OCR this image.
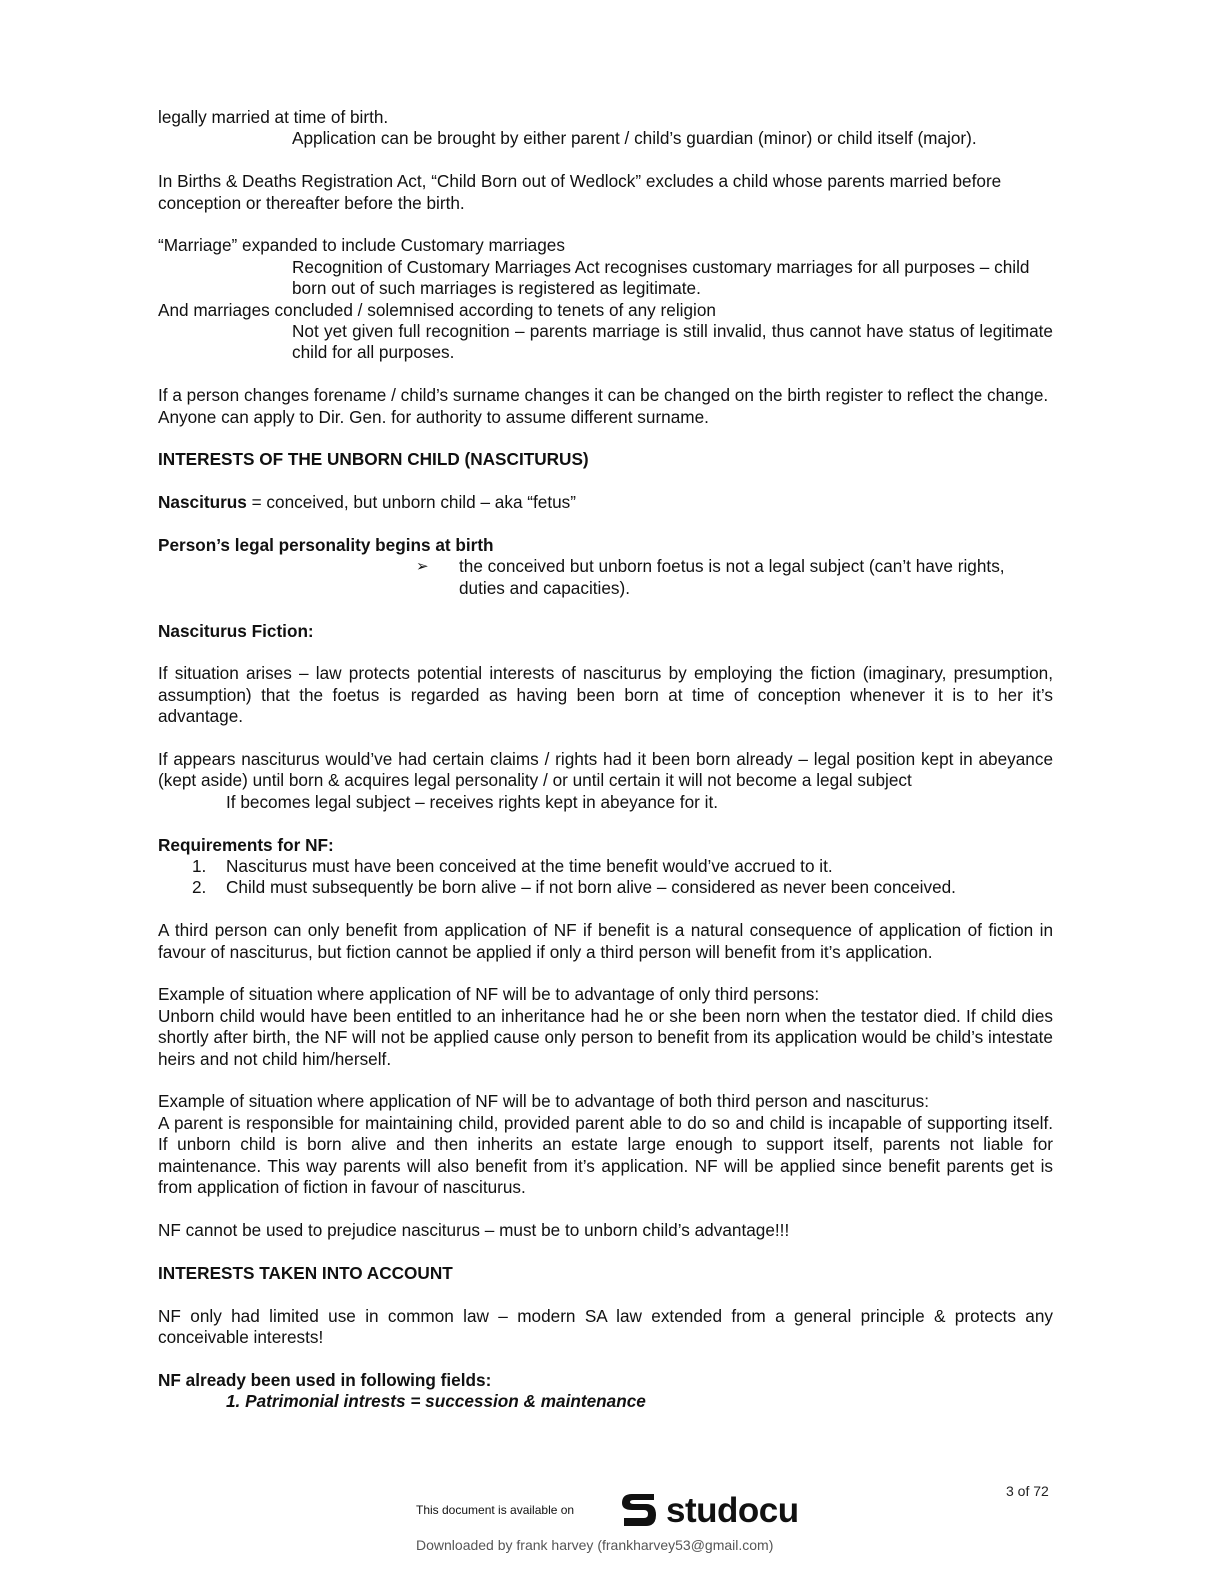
legally married at time of birth.

Application can be brought by either parent / child’s guardian (minor) or child itself (major).

In Births & Deaths Registration Act, “Child Born out of Wedlock” excludes a child whose parents married before conception or thereafter before the birth.

“Marriage” expanded to include Customary marriages

Recognition of Customary Marriages Act recognises customary marriages for all purposes – child born out of such marriages is registered as legitimate.

And marriages concluded / solemnised according to tenets of any religion

Not yet given full recognition – parents marriage is still invalid, thus cannot have status of legitimate child for all purposes.

If a person changes forename / child’s surname changes it can be changed on the birth register to reflect the change. Anyone can apply to Dir. Gen. for authority to assume different surname.

INTERESTS OF THE UNBORN CHILD (NASCITURUS)

Nasciturus = conceived, but unborn child – aka “fetus”

Person’s legal personality begins at birth

➢ the conceived but unborn foetus is not a legal subject (can’t have rights, duties and capacities).

Nasciturus Fiction:

If situation arises – law protects potential interests of nasciturus by employing the fiction (imaginary, presumption, assumption) that the foetus is regarded as having been born at time of conception whenever it is to her it’s advantage.

If appears nasciturus would’ve had certain claims / rights had it been born already – legal position kept in abeyance (kept aside) until born & acquires legal personality / or until certain it will not become a legal subject

If becomes legal subject – receives rights kept in abeyance for it.

Requirements for NF:

1. Nasciturus must have been conceived at the time benefit would’ve accrued to it.

2. Child must subsequently be born alive – if not born alive – considered as never been conceived.

A third person can only benefit from application of NF if benefit is a natural consequence of application of fiction in favour of nasciturus, but fiction cannot be applied if only a third person will benefit from it’s application.

Example of situation where application of NF will be to advantage of only third persons:

Unborn child would have been entitled to an inheritance had he or she been norn when the testator died. If child dies shortly after birth, the NF will not be applied cause only person to benefit from its application would be child’s intestate heirs and not child him/herself.

Example of situation where application of NF will be to advantage of both third person and nasciturus:

A parent is responsible for maintaining child, provided parent able to do so and child is incapable of supporting itself. If unborn child is born alive and then inherits an estate large enough to support itself, parents not liable for maintenance. This way parents will also benefit from it’s application. NF will be applied since benefit parents get is from application of fiction in favour of nasciturus.

NF cannot be used to prejudice nasciturus – must be to unborn child’s advantage!!!

INTERESTS TAKEN INTO ACCOUNT

NF only had limited use in common law – modern SA law extended from a general principle & protects any conceivable interests!

NF already been used in following fields:

1. Patrimonial intrests = succession & maintenance

3 of 72
This document is available on	studocu
Downloaded by frank harvey (frankharvey53@gmail.com)
